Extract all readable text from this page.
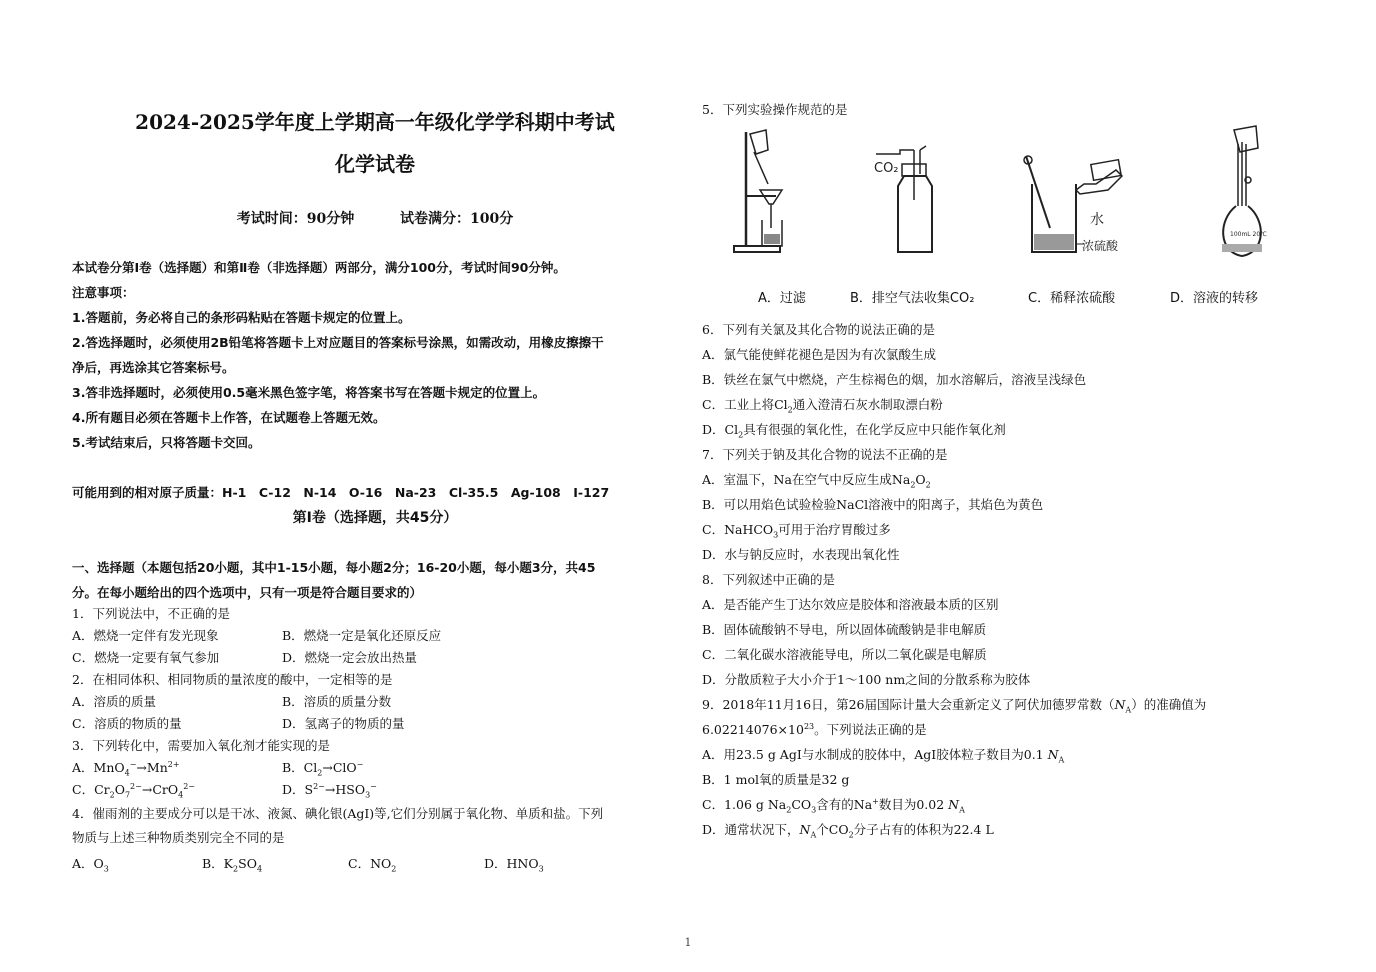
2024-2025学年度上学期高一年级化学学科期中考试
化学试卷
考试时间：90分钟	试卷满分：100分
本试卷分第Ⅰ卷（选择题）和第Ⅱ卷（非选择题）两部分，满分100分，考试时间90分钟。
注意事项：
1.答题前，务必将自己的条形码粘贴在答题卡规定的位置上。
2.答选择题时，必须使用2B铅笔将答题卡上对应题目的答案标号涂黑，如需改动，用橡皮擦擦干
净后，再选涂其它答案标号。
3.答非选择题时，必须使用0.5毫米黑色签字笔，将答案书写在答题卡规定的位置上。
4.所有题目必须在答题卡上作答，在试题卷上答题无效。
5.考试结束后，只将答题卡交回。
可能用到的相对原子质量：H-1　C-12　N-14　O-16　Na-23　Cl-35.5　Ag-108　I-127
第Ⅰ卷（选择题，共45分）
一、选择题（本题包括20小题，其中1-15小题，每小题2分；16-20小题，每小题3分，共45
分。在每小题给出的四个选项中，只有一项是符合题目要求的）
1．下列说法中，不正确的是
A．燃烧一定伴有发光现象	B．燃烧一定是氧化还原反应
C．燃烧一定要有氧气参加	D．燃烧一定会放出热量
2．在相同体积、相同物质的量浓度的酸中，一定相等的是
A．溶质的质量	B．溶质的质量分数
C．溶质的物质的量	D．氢离子的物质的量
3．下列转化中，需要加入氧化剂才能实现的是
A．$MnO_4^-\to Mn^{2+}$	B．$Cl_2\to ClO^-$
C．$Cr_2O_7^{2-}\to CrO_4^{2-}$	D．$S^{2-}\to HSO_3^-$
4．催雨剂的主要成分可以是干冰、液氮、碘化银(AgI)等,它们分别属于氧化物、单质和盐。下列
物质与上述三种物质类别完全不同的是
A．$O_3$	B．$K_2SO_4$	C．$NO_2$	D．$HNO_3$
5．下列实验操作规范的是
CO₂
水
浓硫酸
100mL 20℃
A．过滤	B．排空气法收集CO₂	C．稀释浓硫酸	D．溶液的转移
6．下列有关氯及其化合物的说法正确的是
A．氯气能使鲜花褪色是因为有次氯酸生成
B．铁丝在氯气中燃烧，产生棕褐色的烟，加水溶解后，溶液呈浅绿色
C．工业上将$Cl_2$通入澄清石灰水制取漂白粉
D．$Cl_2$具有很强的氧化性，在化学反应中只能作氧化剂
7．下列关于钠及其化合物的说法不正确的是
A．室温下，Na在空气中反应生成$Na_2O_2$
B．可以用焰色试验检验NaCl溶液中的阳离子，其焰色为黄色
C．NaHCO$_3$可用于治疗胃酸过多
D．水与钠反应时，水表现出氧化性
8．下列叙述中正确的是
A．是否能产生丁达尔效应是胶体和溶液最本质的区别
B．固体硫酸钠不导电，所以固体硫酸钠是非电解质
C．二氧化碳水溶液能导电，所以二氧化碳是电解质
D．分散质粒子大小介于1～100 nm之间的分散系称为胶体
9．2018年11月16日，第26届国际计量大会重新定义了阿伏加德罗常数$(N_A)$的准确值为
$6.02214076\times 10^{23}$。下列说法正确的是
A．用23.5 g AgI与水制成的胶体中，AgI胶体粒子数目为0.1 $N_A$
B．1 mol氧的质量是32 g
C．1.06 g $Na_2CO_3$含有的Na+数目为0.02 $N_A$
D．通常状况下，$N_A$个$CO_2$分子占有的体积为22.4 L
1
